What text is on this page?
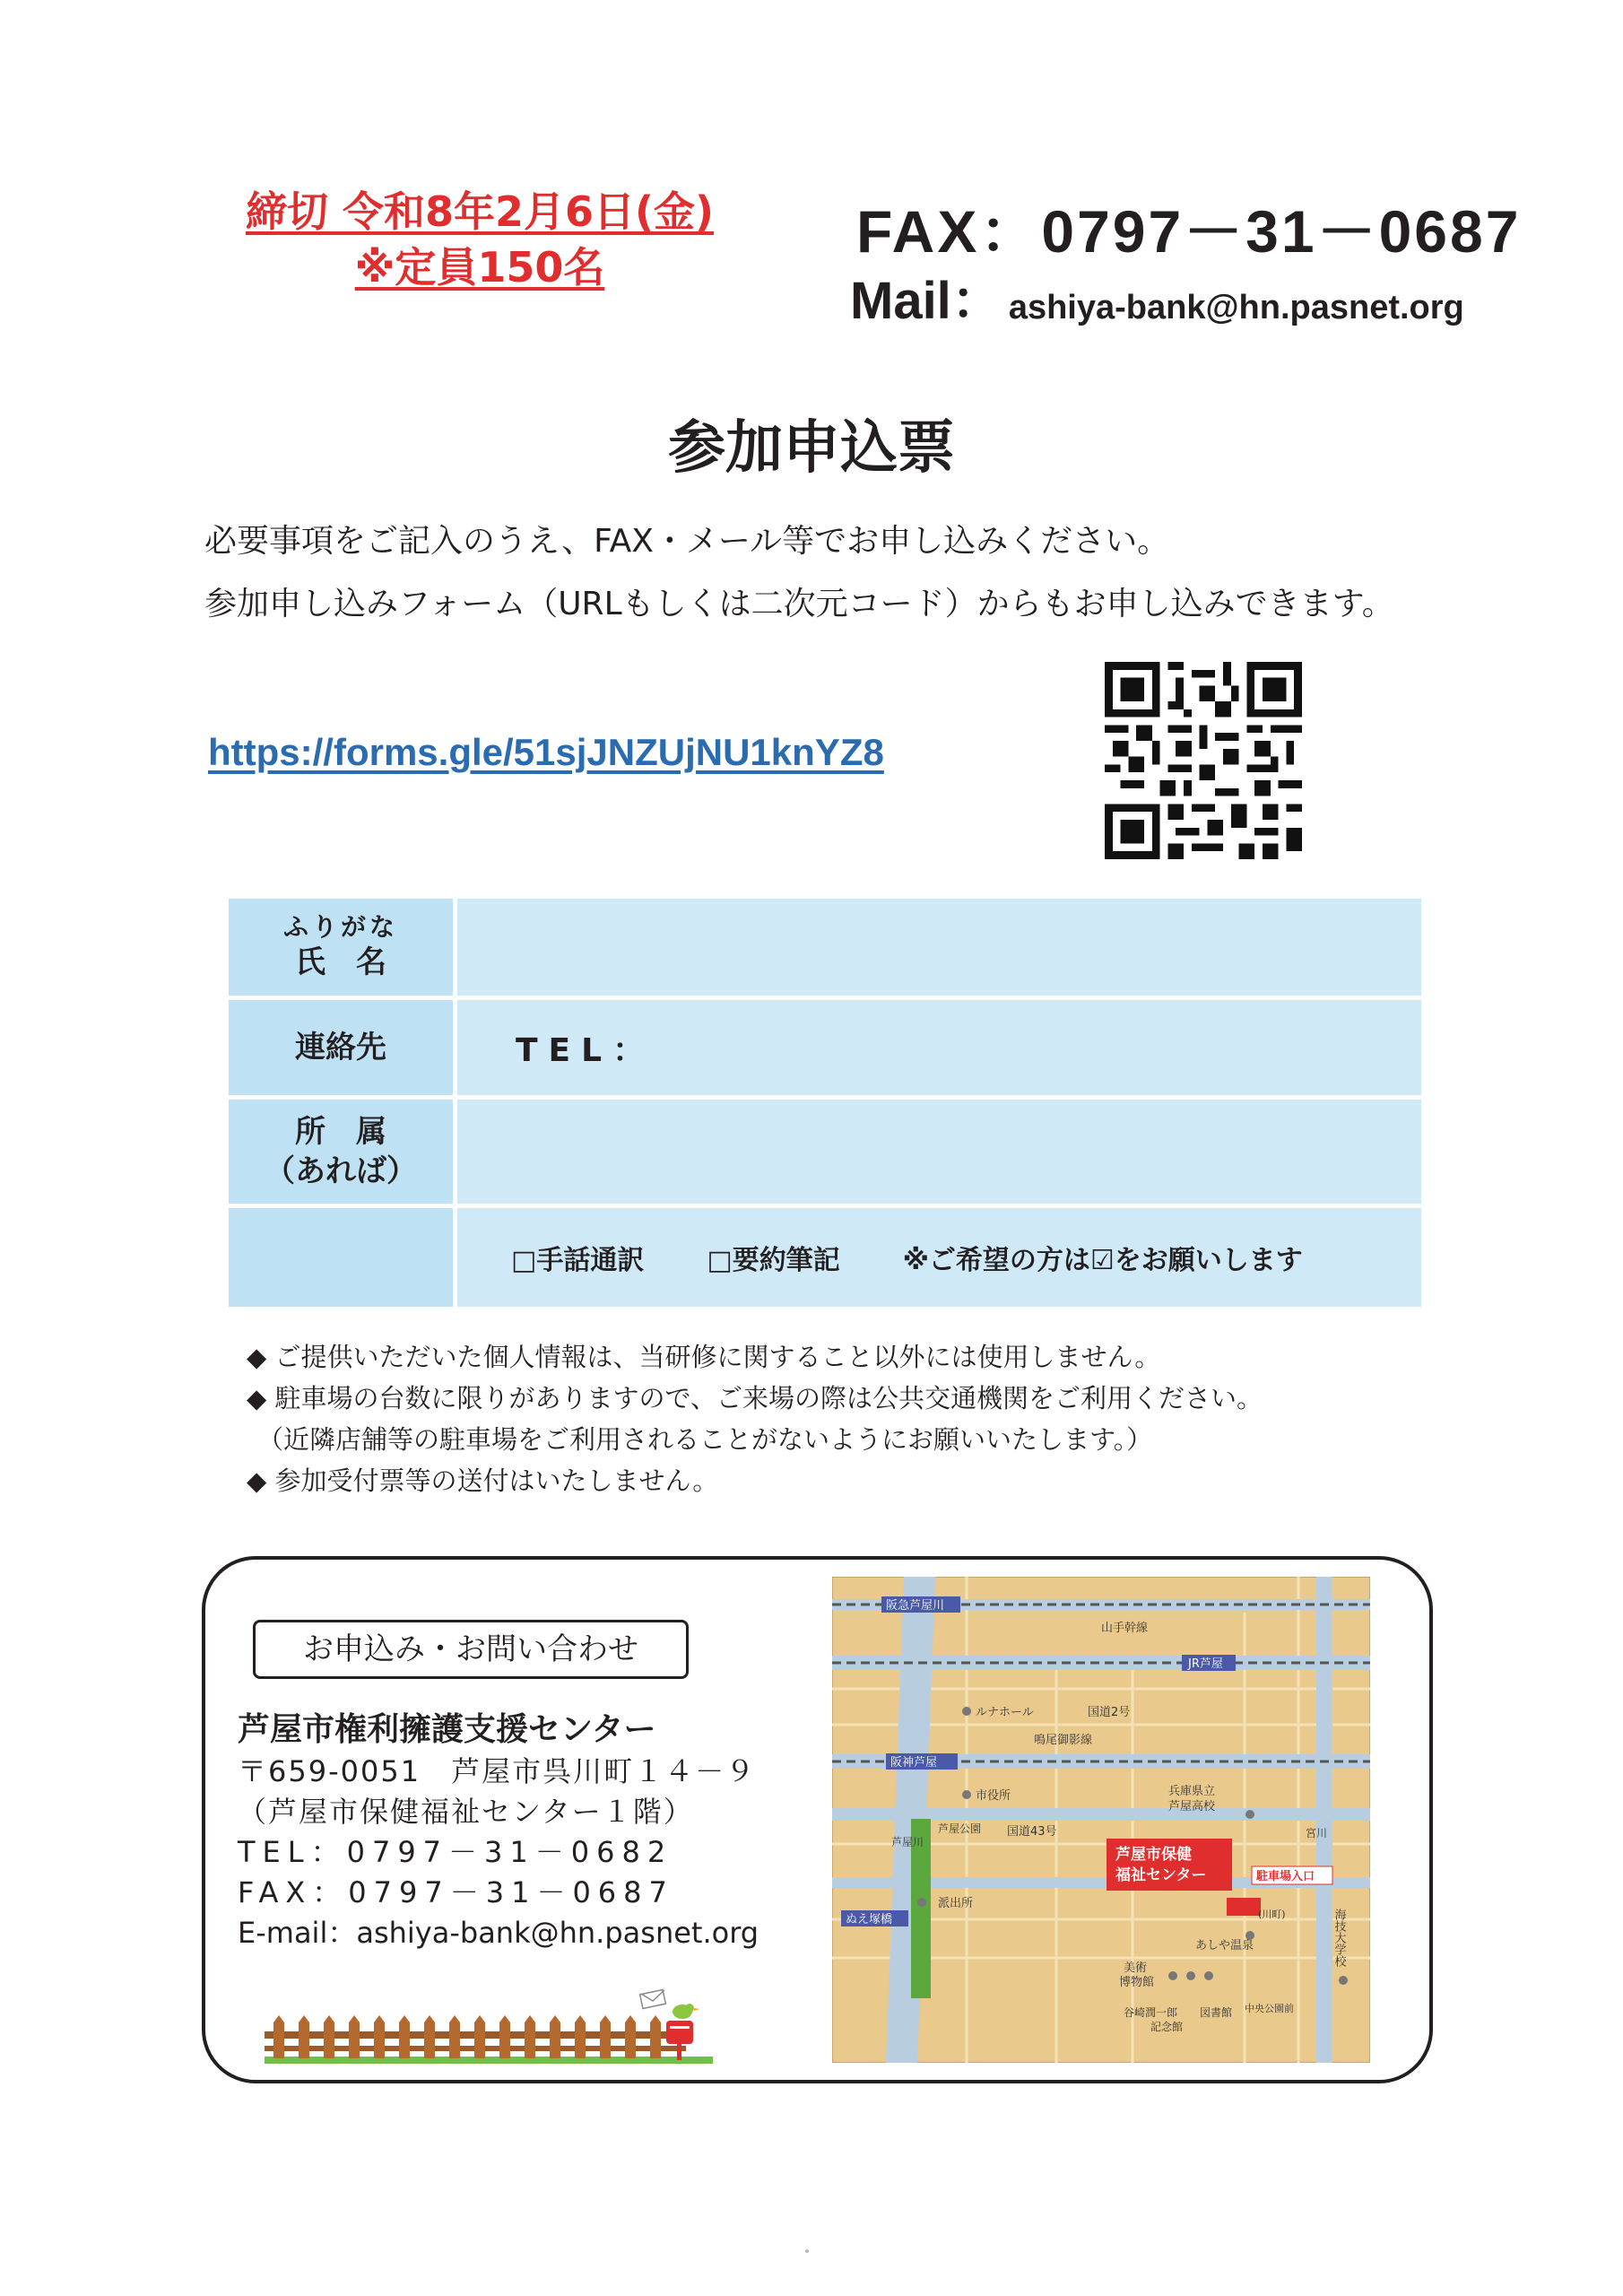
締切 令和8年2月6日(金)
※定員150名
FAX：0797－31－0687
Mail： ashiya-bank@hn.pasnet.org
参加申込票
必要事項をご記入のうえ、FAX・メール等でお申し込みください。
参加申し込みフォーム（URLもしくは二次元コード）からもお申し込みできます。
https://forms.gle/51sjJNZUjNU1knYZ8
ふりがな
氏　名
連絡先	TEL：
所　属
（あれば）
□手話通訳 □要約筆記 ※ご希望の方は☑をお願いします
◆ ご提供いただいた個人情報は、当研修に関すること以外には使用しません。
◆ 駐車場の台数に限りがありますので、ご来場の際は公共交通機関をご利用ください。
（近隣店舗等の駐車場をご利用されることがないようにお願いいたします。）
◆ 参加受付票等の送付はいたしません。
お申込み・お問い合わせ
芦屋市権利擁護支援センター
〒659-0051　芦屋市呉川町１４－９
（芦屋市保健福祉センター１階）
TEL：0797－31－0682
FAX：0797－31－0687
E-mail：ashiya-bank@hn.pasnet.org
阪急芦屋川
山手幹線
JR芦屋
ルナホール	国道2号
鳴尾御影線
阪神芦屋
市役所	兵庫県立
芦屋高校
国道43号
芦屋公園
芦屋川
宮川
芦屋市保健
福祉センター	駐車場入口
派出所
ぬえ塚橋	(川町)
あしや温泉
美術
博物館
谷崎潤一郎
記念館
図書館 中央公園前
海技大学校
